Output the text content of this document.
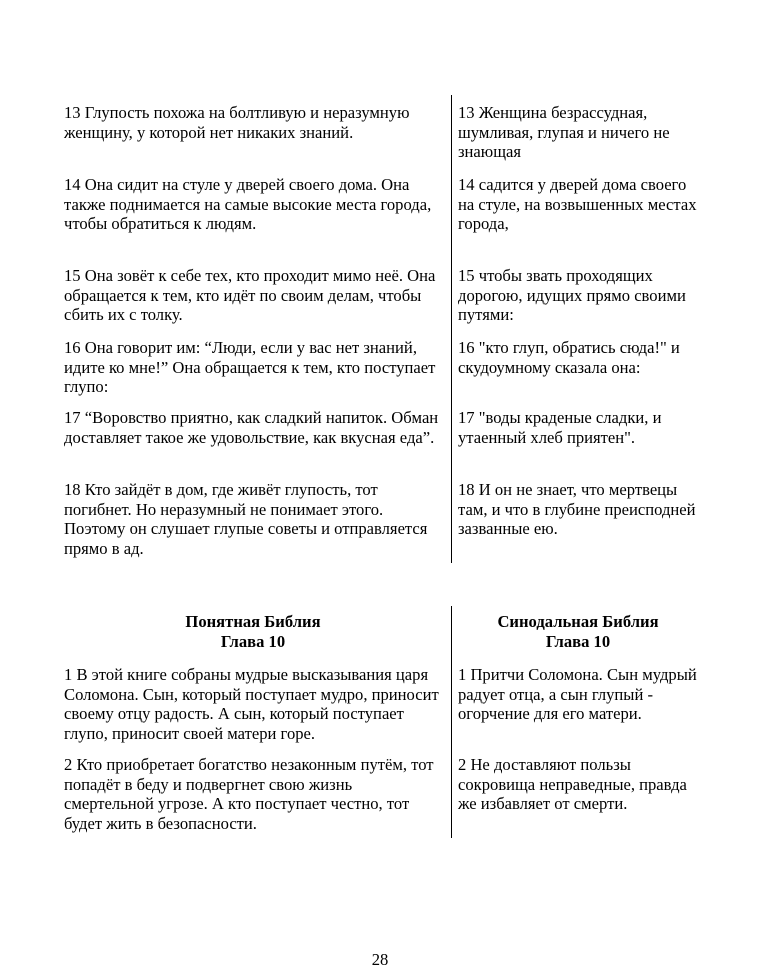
13 Глупость похожа на болтливую и неразумную женщину, у которой нет никаких знаний.

13 Женщина безрассудная, шумливая, глупая и ничего не знающая

14 Она сидит на стуле у дверей своего дома. Она также поднимается на самые высокие места города, чтобы обратиться к людям.

14 садится у дверей дома своего на стуле, на возвышенных местах города,

15 Она зовёт к себе тех, кто проходит мимо неё. Она обращается к тем, кто идёт по своим делам, чтобы сбить их с толку.

15 чтобы звать проходящих дорогою, идущих прямо своими путями:

16 Она говорит им: “Люди, если у вас нет знаний, идите ко мне!” Она обращается к тем, кто поступает глупо:

16 "кто глуп, обратись сюда!" и скудоумному сказала она:

17 “Воровство приятно, как сладкий напиток. Обман доставляет такое же удовольствие, как вкусная еда”.

17 "воды краденые сладки, и утаенный хлеб приятен".

18 Кто зайдёт в дом, где живёт глупость, тот погибнет. Но неразумный не понимает этого. Поэтому он слушает глупые советы и отправляется прямо в ад.

18 И он не знает, что мертвецы там, и что в глубине преисподней зазванные ею.

Понятная Библия
Глава 10
Синодальная Библия
Глава 10

1 В этой книге собраны мудрые высказывания царя Соломона. Сын, который поступает мудро, приносит своему отцу радость. А сын, который поступает глупо, приносит своей матери горе.

1 Притчи Соломона. Сын мудрый радует отца, а сын глупый - огорчение для его матери.

2 Кто приобретает богатство незаконным путём, тот попадёт в беду и подвергнет свою жизнь смертельной угрозе. А кто поступает честно, тот будет жить в безопасности.

2 Не доставляют пользы сокровища неправедные, правда же избавляет от смерти.

28
